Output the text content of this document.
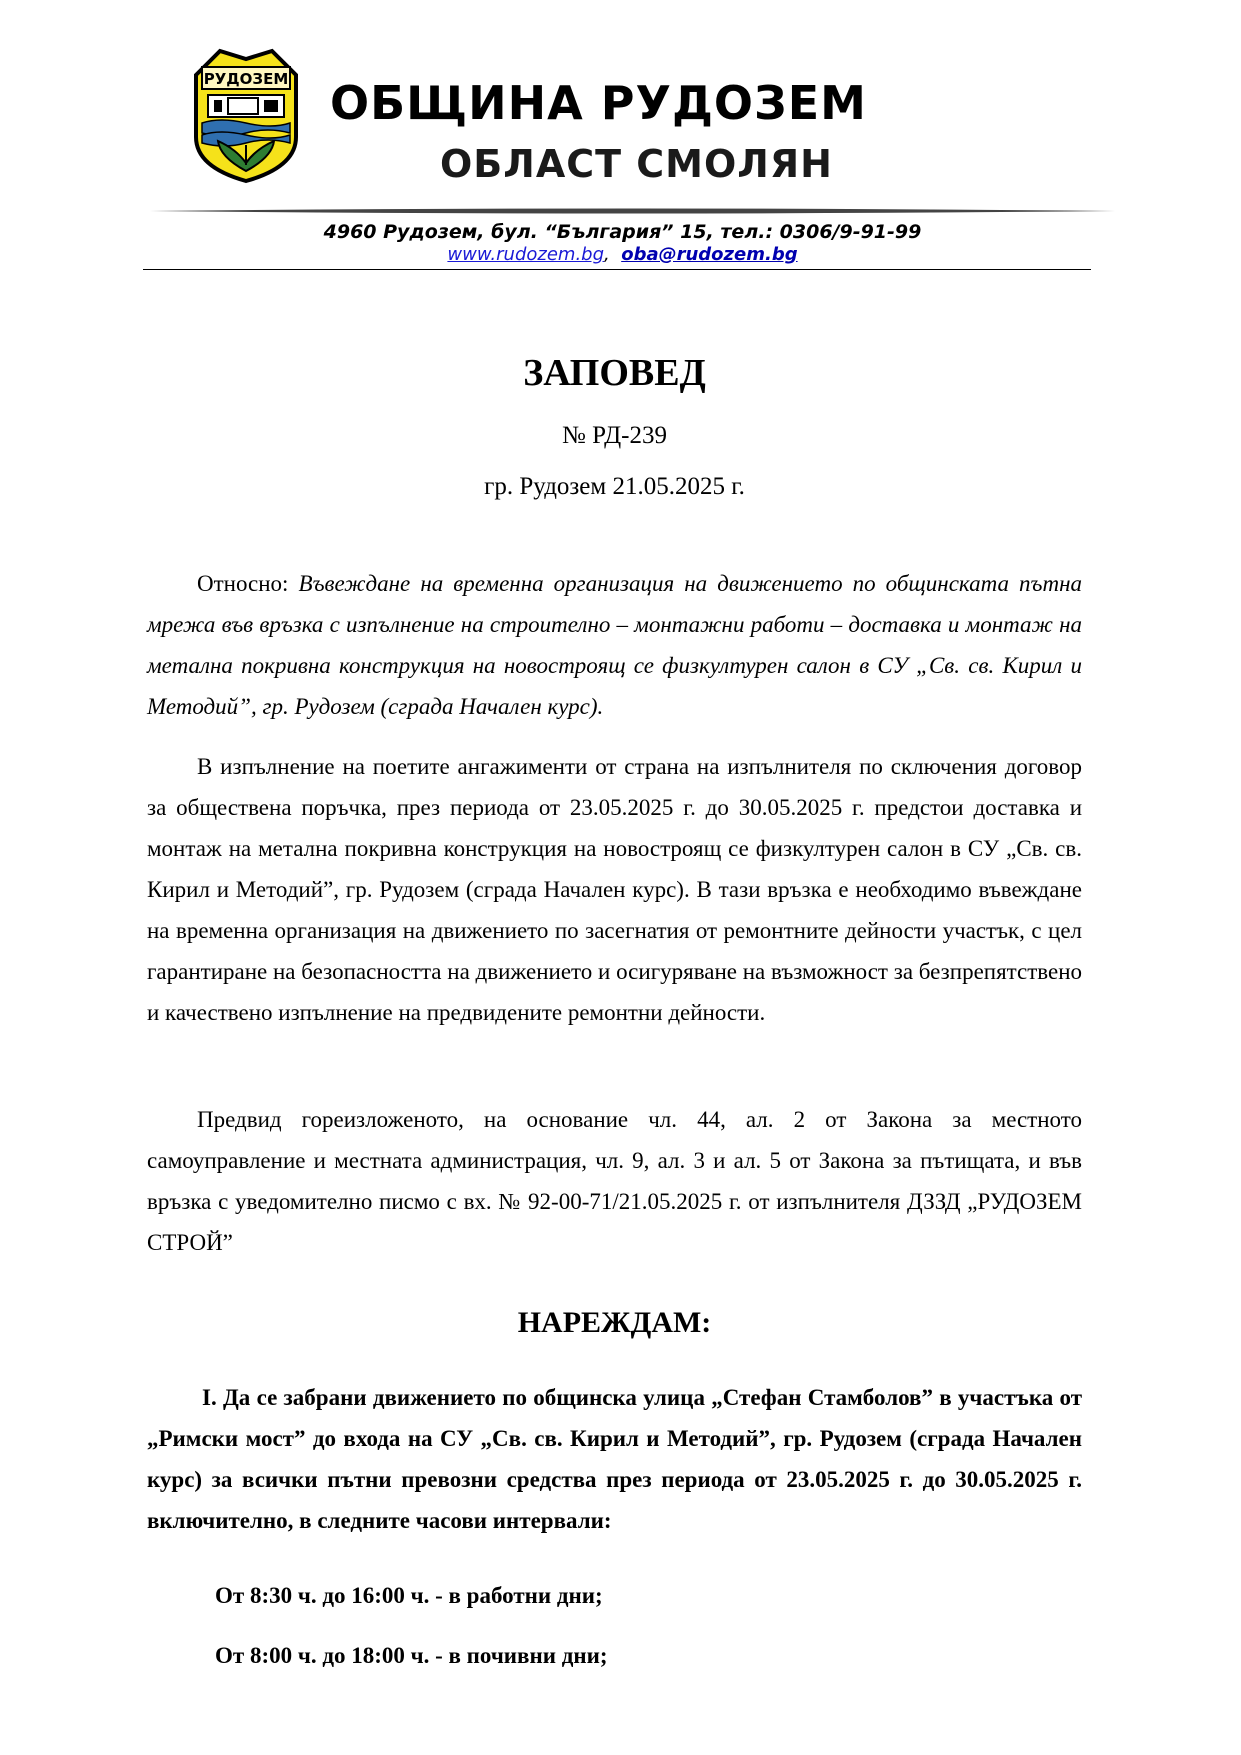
РУДОЗЕМ ОБЩИНА РУДОЗЕМ
ОБЛАСТ СМОЛЯН

4960 Рудозем, бул. “България” 15, тел.: 0306/9-91-99

www.rudozem.bg,  oba@rudozem.bg

ЗАПОВЕД

№ РД-239

гр. Рудозем 21.05.2025 г.

Относно: Въвеждане на временна организация на движението по общинската пътна мрежа във връзка с изпълнение на строително – монтажни работи – доставка и монтаж на метална покривна конструкция на новостроящ се физкултурен салон в СУ „Св. св. Кирил и Методий”, гр. Рудозем (сграда Начален курс).

В изпълнение на поетите ангажименти от страна на изпълнителя по сключения договор за обществена поръчка, през периода от 23.05.2025 г. до 30.05.2025 г. предстои доставка и монтаж на метална покривна конструкция на новостроящ се физкултурен салон в СУ „Св. св. Кирил и Методий”, гр. Рудозем (сграда Начален курс). В тази връзка е необходимо въвеждане на временна организация на движението по засегнатия от ремонтните дейности участък, с цел гарантиране на безопасността на движението и осигуряване на възможност за безпрепятствено и качествено изпълнение на предвидените ремонтни дейности.

Предвид гореизложеното, на основание чл. 44, ал. 2 от Закона за местното самоуправление и местната администрация, чл. 9, ал. 3 и ал. 5 от Закона за пътищата, и във връзка с уведомително писмо с вх. № 92-00-71/21.05.2025 г. от изпълнителя ДЗЗД „РУДОЗЕМ СТРОЙ”

НАРЕЖДАМ:

I. Да се забрани движението по общинска улица „Стефан Стамболов” в участъка от „Римски мост” до входа на СУ „Св. св. Кирил и Методий”, гр. Рудозем (сграда Начален курс) за всички пътни превозни средства през периода от 23.05.2025 г. до 30.05.2025 г. включително, в следните часови интервали:

От 8:30 ч. до 16:00 ч. - в работни дни;

От 8:00 ч. до 18:00 ч. - в почивни дни;
